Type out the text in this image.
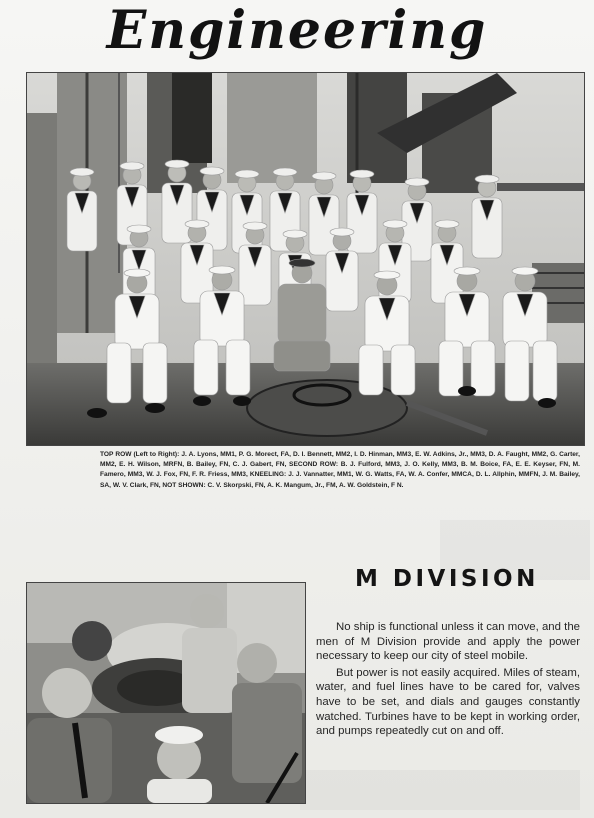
Engineering
TOP ROW (Left to Right): J. A. Lyons, MM1, P. G. Morect, FA, D. I. Bennett, MM2, I. D. Hinman, MM3, E. W. Adkins, Jr., MM3, D. A. Faught, MM2, G. Carter, MM2, E. H. Wilson, MRFN, B. Bailey, FN, C. J. Gabert, FN, SECOND ROW: B. J. Fulford, MM3, J. O. Kelly, MM3, B. M. Boice, FA, E. E. Keyser, FN, M. Famero, MM3, W. J. Fox, FN, F. R. Friess, MM3, KNEELING: J. J. Vannatter, MM1, W. G. Watts, FA, W. A. Confer, MMCA, D. L. Allphin, MMFN, J. M. Bailey, SA, W. V. Clark, FN, NOT SHOWN: C. V. Skorpski, FN, A. K. Mangum, Jr., FM, A. W. Goldstein, F N.
M DIVISION

No ship is functional unless it can move, and the men of M Division provide and apply the power necessary to keep our city of steel mobile.

But power is not easily acquired. Miles of steam, water, and fuel lines have to be cared for, valves have to be set, and dials and gauges constantly watched. Turbines have to be kept in working order, and pumps repeatedly cut on and off.
